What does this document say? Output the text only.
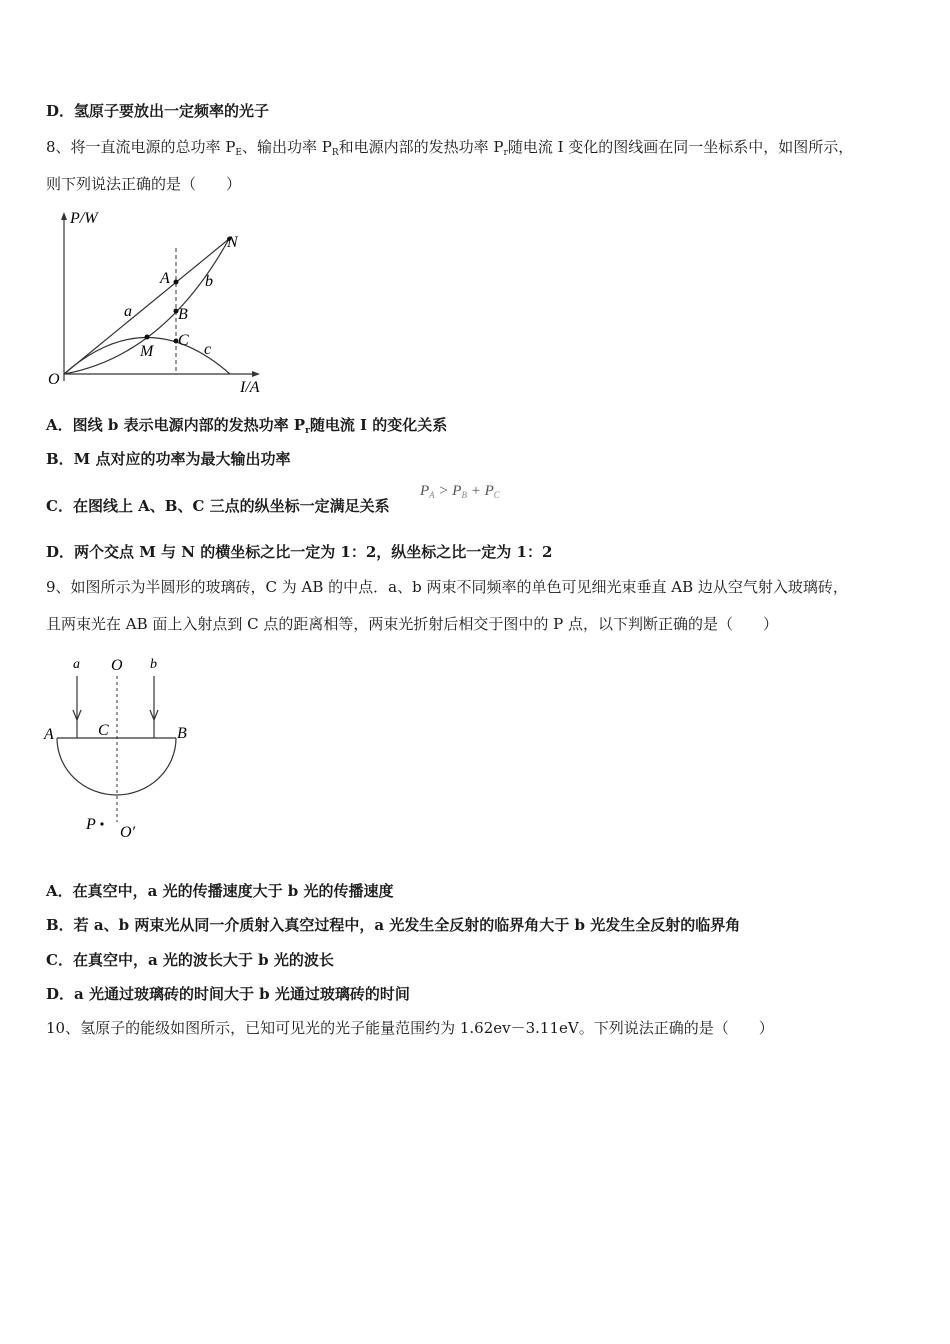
D．氢原子要放出一定频率的光子
8、将一直流电源的总功率 $P_E$、输出功率 $P_R$和电源内部的发热功率 $P_r$随电流 I 变化的图线画在同一坐标系中，如图所示，
则下列说法正确的是（　　）
P/W
I/A
O
a
b
c
A
B
C
M
N
A．图线 b 表示电源内部的发热功率 $P_r$随电流 I 的变化关系
B．M 点对应的功率为最大输出功率
C．在图线上 A、B、C 三点的纵坐标一定满足关系
$P_A > P_B + P_C$
D．两个交点 M 与 N 的横坐标之比一定为 1：2，纵坐标之比一定为 1：2
9、如图所示为半圆形的玻璃砖，C 为 AB 的中点．a、b 两束不同频率的单色可见细光束垂直 AB 边从空气射入玻璃砖，
且两束光在 AB 面上入射点到 C 点的距离相等，两束光折射后相交于图中的 P 点，以下判断正确的是（　　）
a O b
A	C	B
P O′
A．在真空中，a 光的传播速度大于 b 光的传播速度
B．若 a、b 两束光从同一介质射入真空过程中，a 光发生全反射的临界角大于 b 光发生全反射的临界角
C．在真空中，a 光的波长大于 b 光的波长
D．a 光通过玻璃砖的时间大于 b 光通过玻璃砖的时间
10、氢原子的能级如图所示，已知可见光的光子能量范围约为 1.62ev－3.11eV。下列说法正确的是（　　）
